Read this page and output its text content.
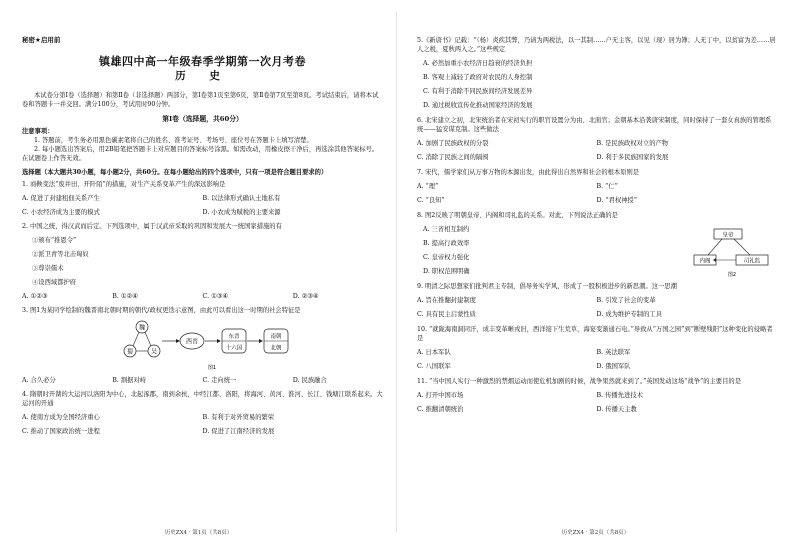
秘密★启用前
镇雄四中高一年级春季学期第一次月考卷
历 史
本试卷分第Ⅰ卷（选择题）和第Ⅱ卷（非选择题）两部分，第Ⅰ卷第1页至第6页，第Ⅱ卷第7页至第8页。考试结束后，请将本试卷和答题卡一并交回。满分100分，考试用时90分钟。
第Ⅰ卷（选择题，共60分）
注意事项：
1. 答题前，考生务必用黑色碳素笔将自己的姓名、准考证号、考场号、座位号在答题卡上填写清楚。
2. 每小题选出答案后，用2B铅笔把答题卡上对应题目的答案标号涂黑。如需改动，用橡皮擦干净后，再选涂其他答案标号。在试题卷上作答无效。
选择题（本大题共30小题，每小题2分，共60分。在每小题给出的四个选项中，只有一项是符合题目要求的）
1. 商鞅变法“废井田，开阡陌”的措施，对生产关系变革产生的深远影响是
A. 促进了封建租佃关系产生	B. 以法律形式确认土地私有
C. 小农经济成为主要的模式	D. 小农成为赋税的主要来源
2. 中国之统，得汉武而后定。下列选项中，属于汉武帝采取的巩固和发展大一统国家措施的有
①颁布“推恩令”
②派卫青等北击匈奴
③尊崇儒术
④设西域都护府
A. ①②③	B. ①②④	C. ①③④	D. ②③④
3. 图1为某同学绘制的魏晋南北朝时期的朝代/政权更迭示意图，由此可以看出这一时期的社会特征是
魏
蜀	吴
西晋
东晋
十六国
南朝
北朝
图1
A. 合久必分	B. 割据对峙	C. 走向统一	D. 民族融合
4. 隋朝时开凿的大运河以洛阳为中心，北起涿郡，南到余杭，中经江都、洛阳，将海河、黄河、淮河、长江、钱塘江联系起来。大运河的开通
A. 使南方成为全国经济重心	B. 有利于对外贸易的繁荣
C. 推动了国家政治统一进程	D. 促进了江南经济的发展
历史ZX4 · 第1页（共8页）
5.《新唐书》记载：“（杨）炎疾其弊，乃请为两税法，以一其制……户无主客，以见（现）居为簿；人无丁中，以贫富为差……居人之税，夏秋两入之。”这些规定
A. 必然加重小农经济日趋衰的经济负担
B. 客观上减轻了政府对农民的人身控制
C. 有利于消除不同民族间经济发展差异
D. 通过税收宣传化推动国家经济的发展
6. 北宋建立之初，北宋统治者在宋初实行的职官设置分为由、北面官；金朝基本沿袭唐宋制度，同时保持了一套女真族的管理系统——猛安谋克制。这些做法
A. 加剧了民族政权的分裂	B. 是民族政权对立的产物
C. 消除了民族之间的隔阂	D. 利于多民族国家的发展
7. 宋代，儒学家们从万事万物的本源出发，由此得出自然界和社会的根本原则是
A. “理”	B. “仁”
C. “良知”	D. “君权神授”
8. 图2反映了明朝皇帝、内阁和司礼监的关系。对此，下列说法正确的是
A. 三省相互制约
B. 提高行政效率
C. 皇帝权力强化
D. 职权范围明确
皇帝
内阁	司礼监
图2
9. 明清之际思想家们批判君主专制，倡导务实学风，形成了一股积极进步的新思潮。这一思潮
A. 旨在推翻封建制度	B. 引发了社会的变革
C. 具有民主启蒙性质	D. 成为维护专制的工具
10. “就陇海南洞同汗，成丰变革晰戎旧，西洋接下生荒草，海宴变渐通石电。”导致从“万国之园”到“断壁残阳”这种变化的侵略者是
A. 日本军队	B. 英法联军
C. 八国联军	D. 俄国军队
11. “当中国人实行一种激烈的禁烟运动而使危机加剧的时候，战争果然就来到了。”英国发动这场“战争”的主要目的是
A. 打开中国市场	B. 传播先进技术
C. 推翻清朝统治	D. 传播天主教
历史ZX4 · 第2页（共8页）
